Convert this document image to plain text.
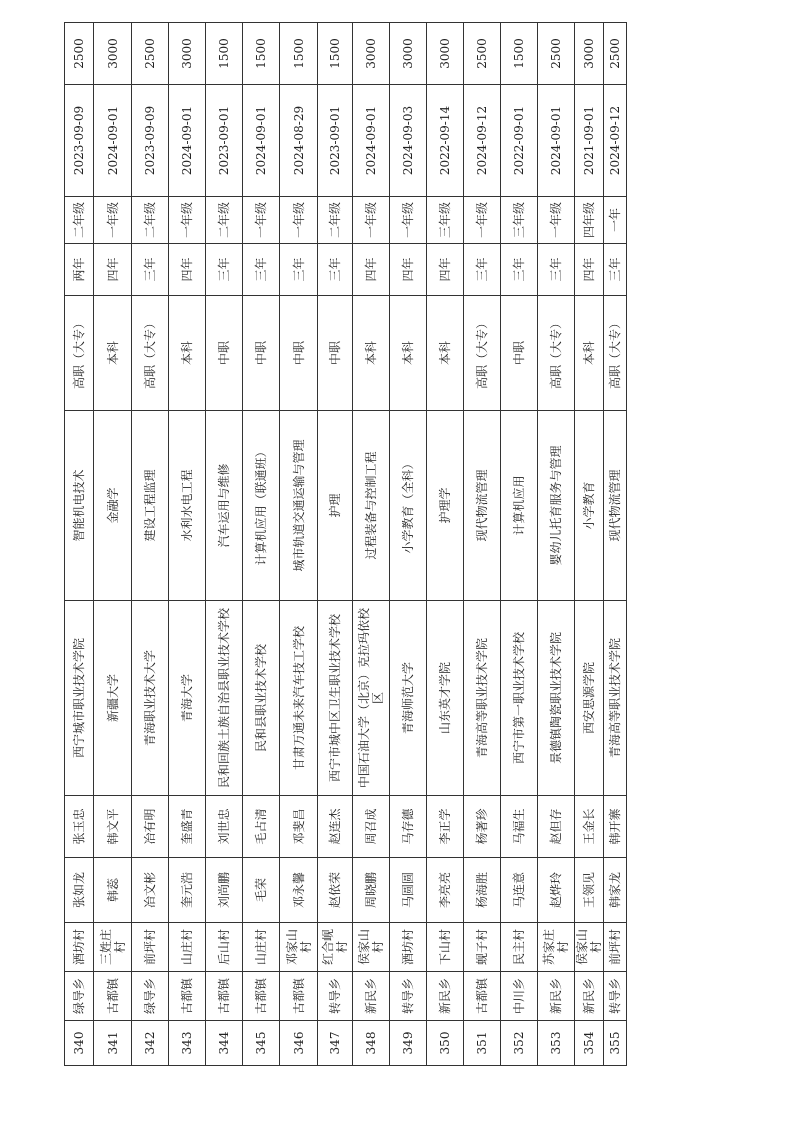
340	绿导乡	酒坊村	张如龙	张玉忠	西宁城市职业技术学院	智能机电技术	高职（大专）	两年	二年级	2023-09-09	2500
341	古都镇	三姓庄村	韩蕊	韩文平	新疆大学	金融学	本科	四年	一年级	2024-09-01	3000
342	绿导乡	前坪村	冶文彬	冶有明	青海职业技术大学	建设工程监理	高职（大专）	三年	二年级	2023-09-09	2500
343	古都镇	山庄村	奎元浩	奎盛青	青海大学	水利水电工程	本科	四年	一年级	2024-09-01	3000
344	古都镇	后山村	刘尚鹏	刘世忠	民和回族土族自治县职业技术学校	汽车运用与维修	中职	三年	二年级	2023-09-01	1500
345	古都镇	山庄村	毛荣	毛占清	民和县职业技术学校	计算机应用（联通班）	中职	三年	一年级	2024-09-01	1500
346	古都镇	邓家山村	邓永馨	邓斐昌	甘肃万通未来汽车技工学校	城市轨道交通运输与管理	中职	三年	一年级	2024-08-29	1500
347	转导乡	红合岘村	赵依荣	赵连杰	西宁市城中区卫生职业技术学校	护理	中职	三年	二年级	2023-09-01	1500
348	新民乡	侯家山村	周晓鹏	周召成	中国石油大学（北京）克拉玛依校区	过程装备与控制工程	本科	四年	一年级	2024-09-01	3000
349	转导乡	酒坊村	马圆圆	马存德	青海师范大学	小学教育（全科）	本科	四年	一年级	2024-09-03	3000
350	新民乡	下山村	李亮亮	李正学	山东英才学院	护理学	本科	四年	三年级	2022-09-14	3000
351	古都镇	蚬子村	杨海胜	杨著珍	青海高等职业技术学院	现代物流管理	高职（大专）	三年	一年级	2024-09-12	2500
352	中川乡	民主村	马连意	马福生	西宁市第一职业技术学校	计算机应用	中职	三年	三年级	2022-09-01	1500
353	新民乡	苏家庄村	赵烨玲	赵但存	景德镇陶瓷职业技术学院	婴幼儿托育服务与管理	高职（大专）	三年	一年级	2024-09-01	2500
354	新民乡	侯家山村	王领见	王金长	西安思源学院	小学教育	本科	四年	四年级	2021-09-01	3000
355	转导乡	前坪村	韩家龙	韩开寨	青海高等职业技术学院	现代物流管理	高职（大专）	三年	一年	2024-09-12	2500
